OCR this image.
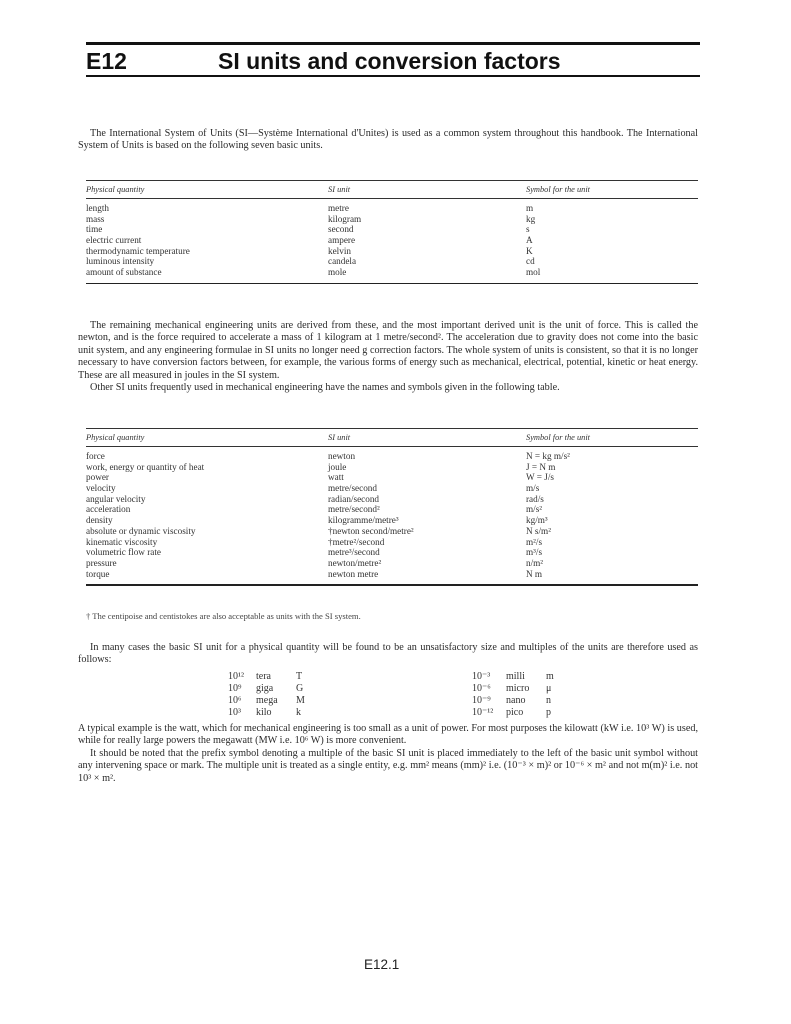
E12	SI units and conversion factors

The International System of Units (SI—Système International d'Unites) is used as a common system throughout this handbook. The International System of Units is based on the following seven basic units.

Physical quantity	SI unit	Symbol for the unit
length	metre	m
mass	kilogram	kg
time	second	s
electric current	ampere	A
thermodynamic temperature	kelvin	K
luminous intensity	candela	cd
amount of substance	mole	mol

The remaining mechanical engineering units are derived from these, and the most important derived unit is the unit of force. This is called the newton, and is the force required to accelerate a mass of 1 kilogram at 1 metre/second². The acceleration due to gravity does not come into the basic unit system, and any engineering formulae in SI units no longer need g correction factors. The whole system of units is consistent, so that it is no longer necessary to have conversion factors between, for example, the various forms of energy such as mechanical, electrical, potential, kinetic or heat energy. These are all measured in joules in the SI system.

Other SI units frequently used in mechanical engineering have the names and symbols given in the following table.

Physical quantity	SI unit	Symbol for the unit
force	newton	N = kg m/s²
work, energy or quantity of heat	joule	J = N m
power	watt	W = J/s
velocity	metre/second	m/s
angular velocity	radian/second	rad/s
acceleration	metre/second²	m/s²
density	kilogramme/metre³	kg/m³
absolute or dynamic viscosity	†newton second/metre²	N s/m²
kinematic viscosity	†metre²/second	m²/s
volumetric flow rate	metre³/second	m³/s
pressure	newton/metre²	n/m²
torque	newton metre	N m
† The centipoise and centistokes are also acceptable as units with the SI system.

In many cases the basic SI unit for a physical quantity will be found to be an unsatisfactory size and multiples of the units are therefore used as follows:

10¹²	tera	T
10⁹	giga	G
10⁶	mega	M
10³	kilo	k
10⁻³	milli	m
10⁻⁶	micro	μ
10⁻⁹	nano	n
10⁻¹²	pico	p

A typical example is the watt, which for mechanical engineering is too small as a unit of power. For most purposes the kilowatt (kW i.e. 10³ W) is used, while for really large powers the megawatt (MW i.e. 10⁶ W) is more convenient.

It should be noted that the prefix symbol denoting a multiple of the basic SI unit is placed immediately to the left of the basic unit symbol without any intervening space or mark. The multiple unit is treated as a single entity, e.g. mm² means (mm)² i.e. (10⁻³ × m)² or 10⁻⁶ × m² and not m(m)² i.e. not 10³ × m².

E12.1
